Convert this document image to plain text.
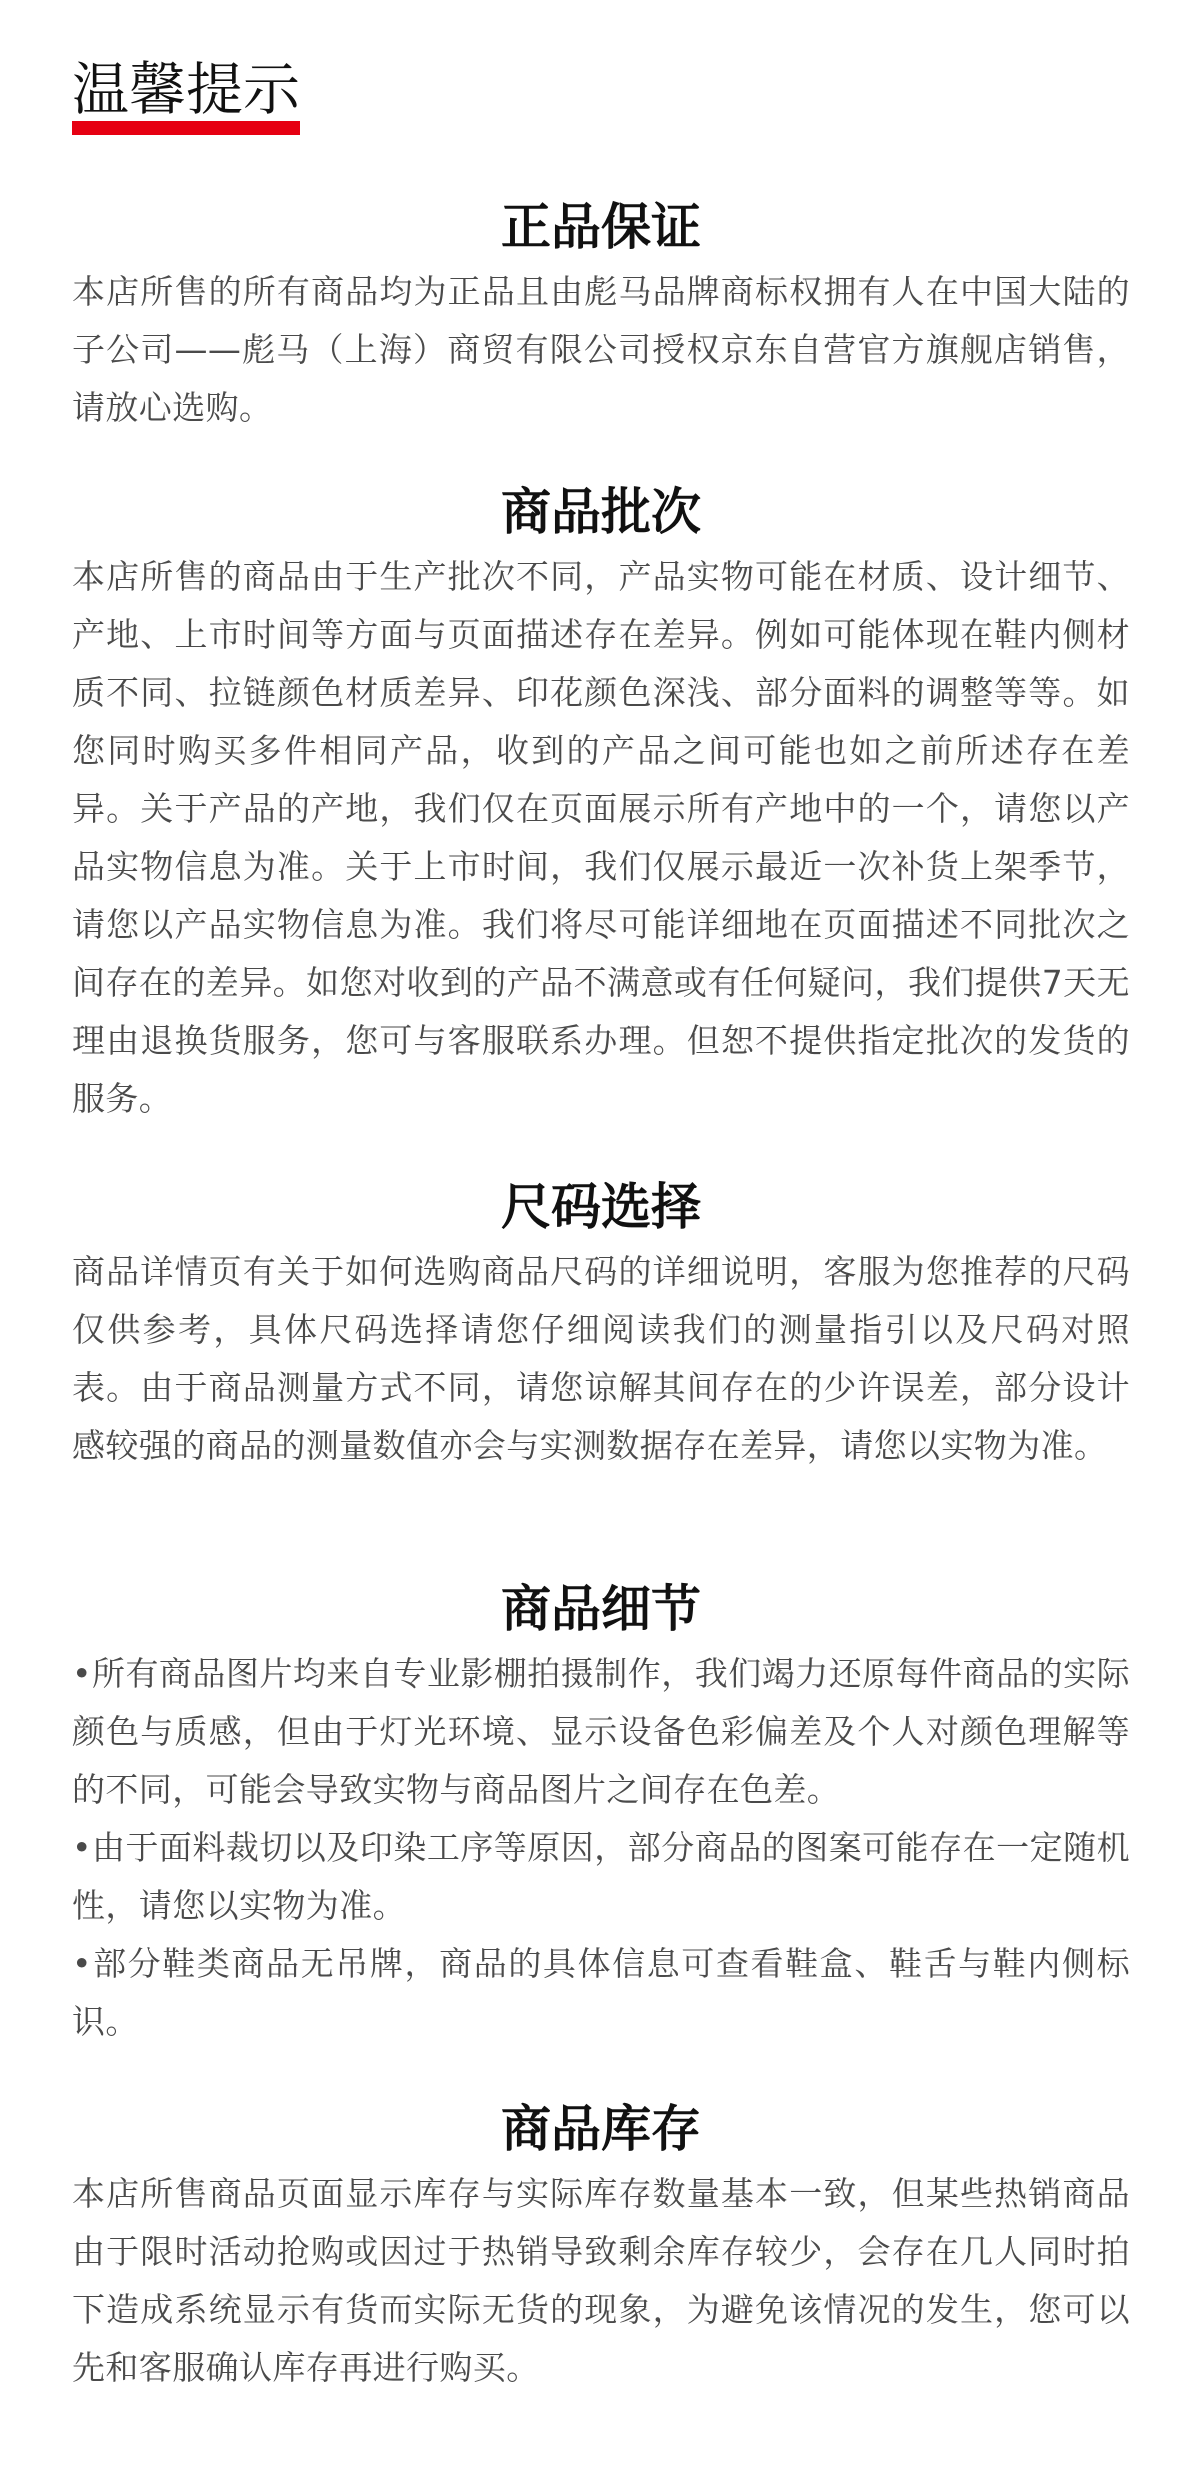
温馨提示
正品保证

本店所售的所有商品均为正品且由彪马品牌商标权拥有人在中国大陆的子公司——彪马（上海）商贸有限公司授权京东自营官方旗舰店销售，请放心选购。

商品批次

本店所售的商品由于生产批次不同，产品实物可能在材质、设计细节、产地、上市时间等方面与页面描述存在差异。例如可能体现在鞋内侧材质不同、拉链颜色材质差异、印花颜色深浅、部分面料的调整等等。如您同时购买多件相同产品，收到的产品之间可能也如之前所述存在差异。关于产品的产地，我们仅在页面展示所有产地中的一个，请您以产品实物信息为准。关于上市时间，我们仅展示最近一次补货上架季节，请您以产品实物信息为准。我们将尽可能详细地在页面描述不同批次之间存在的差异。如您对收到的产品不满意或有任何疑问，我们提供7天无理由退换货服务，您可与客服联系办理。但恕不提供指定批次的发货的服务。

尺码选择

商品详情页有关于如何选购商品尺码的详细说明，客服为您推荐的尺码仅供参考，具体尺码选择请您仔细阅读我们的测量指引以及尺码对照表。由于商品测量方式不同，请您谅解其间存在的少许误差，部分设计感较强的商品的测量数值亦会与实测数据存在差异，请您以实物为准。

商品细节

•所有商品图片均来自专业影棚拍摄制作，我们竭力还原每件商品的实际颜色与质感，但由于灯光环境、显示设备色彩偏差及个人对颜色理解等的不同，可能会导致实物与商品图片之间存在色差。

•由于面料裁切以及印染工序等原因，部分商品的图案可能存在一定随机性，请您以实物为准。

•部分鞋类商品无吊牌，商品的具体信息可查看鞋盒、鞋舌与鞋内侧标识。

商品库存

本店所售商品页面显示库存与实际库存数量基本一致，但某些热销商品由于限时活动抢购或因过于热销导致剩余库存较少，会存在几人同时拍下造成系统显示有货而实际无货的现象，为避免该情况的发生，您可以先和客服确认库存再进行购买。
